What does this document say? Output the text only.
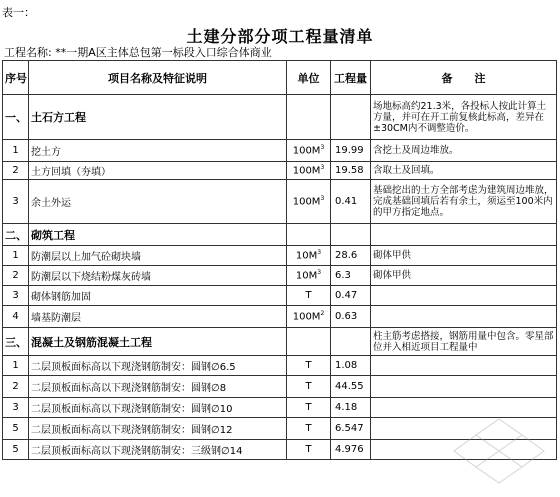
表一：
土建分部分项工程量清单
工程名称: **一期A区主体总包第一标段入口综合体商业
序号	项目名称及特征说明	单位	工程量	备　　注
一、	土石方工程			场地标高约21.3米，各投标人按此计算土方量，并可在开工前复核此标高，差异在±30CM内不调整造价。
1	挖土方	$100M^3$	19.99	含挖土及周边堆放。
2	土方回填（夯填）	$100M^3$	19.58	含取土及回填。
3	余土外运	$100M^3$	0.41	基础挖出的土方全部考虑为建筑周边堆放，完成基础回填后若有余土，须运至100米内的甲方指定地点。
二、	砌筑工程			
1	防潮层以上加气砼砌块墙	$10M^3$	28.6	砌体甲供
2	防潮层以下烧结粉煤灰砖墙	$10M^3$	6.3	砌体甲供
3	砌体钢筋加固	T	0.47	
4	墙基防潮层	$100M^2$	0.63	
三、	混凝土及钢筋混凝土工程			柱主筋考虑搭接，钢筋用量中包含。零星部位并入相近项目工程量中
1	二层顶板面标高以下现浇钢筋制安：圆钢∅6.5	T	1.08	
2	二层顶板面标高以下现浇钢筋制安：圆钢∅8	T	44.55	
3	二层顶板面标高以下现浇钢筋制安：圆钢∅10	T	4.18	
5	二层顶板面标高以下现浇钢筋制安：圆钢∅12	T	6.547	
5	二层顶板面标高以下现浇钢筋制安：三级钢∅14	T	4.976	
